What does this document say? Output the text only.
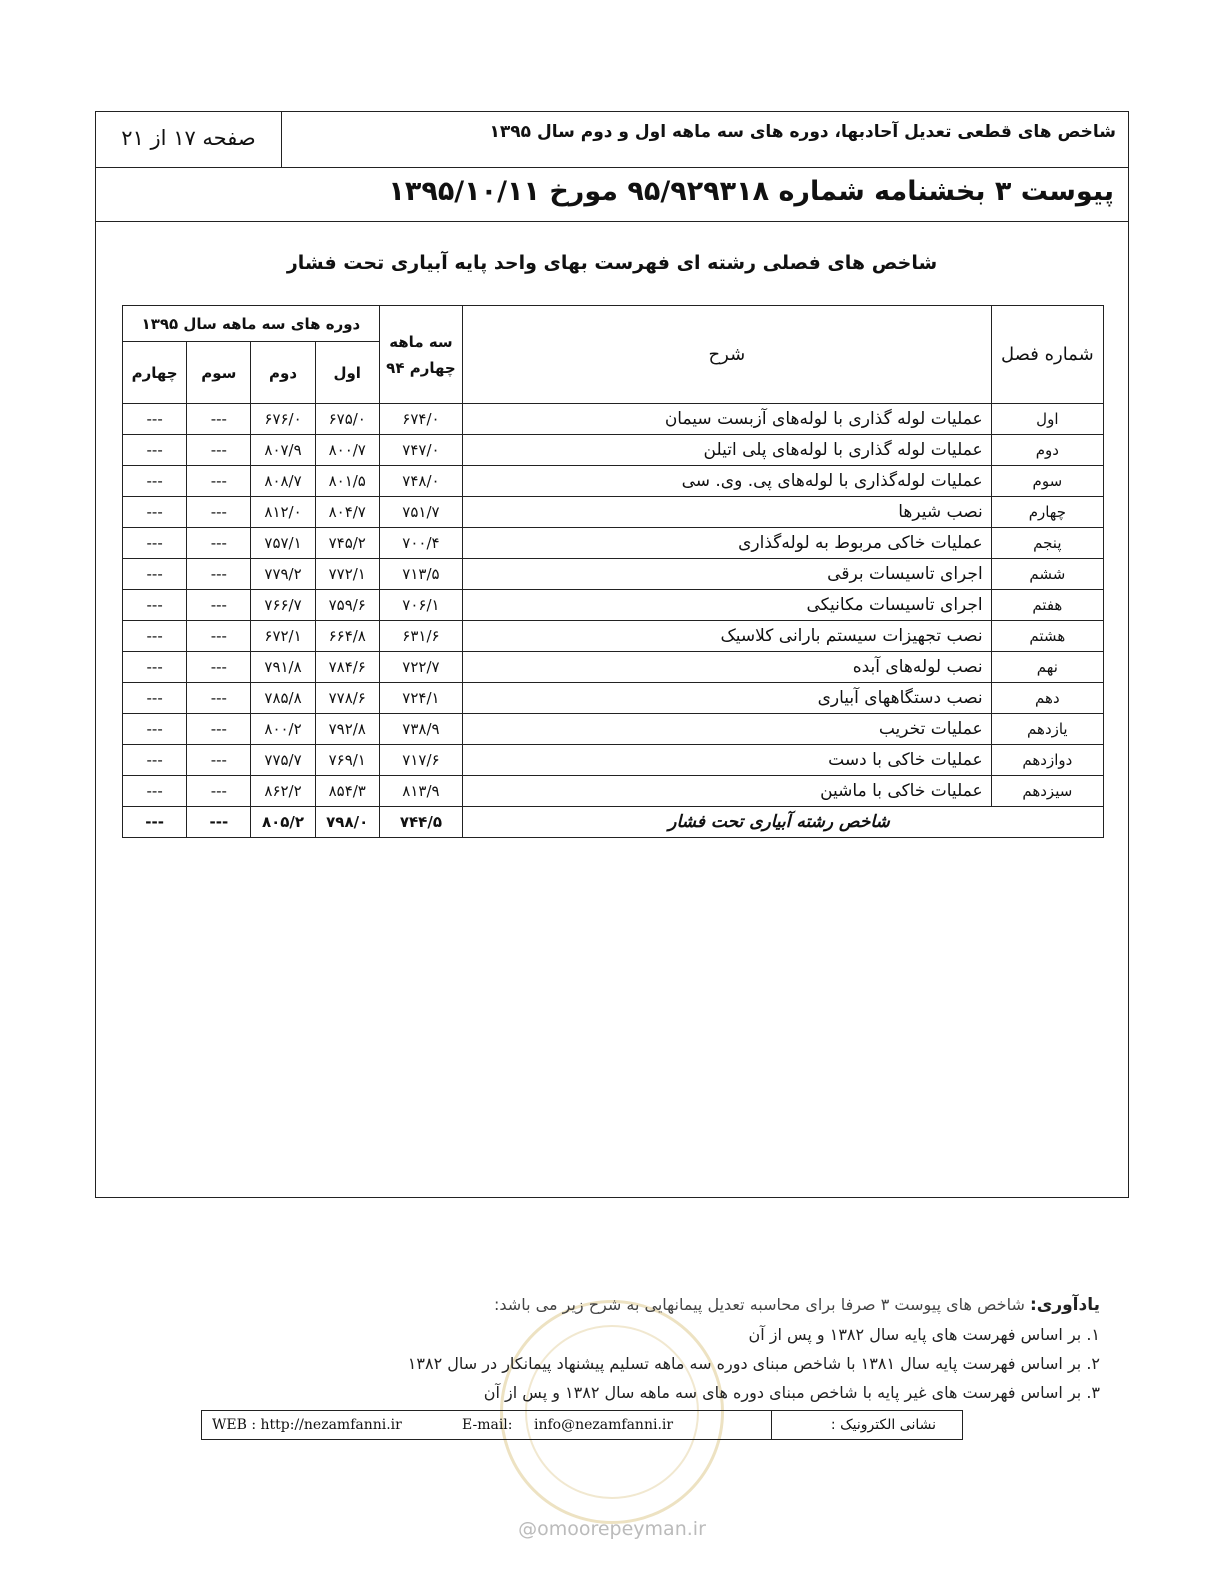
شاخص های قطعی تعدیل آحادبها، دوره های سه ماهه اول و دوم سال ۱۳۹۵
صفحه ۱۷ از ۲۱
پیوست ۳ بخشنامه شماره ۹۵/۹۲۹۳۱۸ مورخ ۱۳۹۵/۱۰/۱۱
شاخص های فصلی رشته ای فهرست بهای واحد پایه آبیاری تحت فشار
شماره فصل	شرح	سه ماهه چهارم ۹۴	دوره های سه ماهه سال ۱۳۹۵			
			اول	دوم	سوم	چهارم
اول	عملیات لوله گذاری با لوله‌های آزبست سیمان	۶۷۴/۰	۶۷۵/۰	۶۷۶/۰	---	---
دوم	عملیات لوله گذاری با لوله‌های پلی اتیلن	۷۴۷/۰	۸۰۰/۷	۸۰۷/۹	---	---
سوم	عملیات لوله‌گذاری با لوله‌های پی. وی. سی	۷۴۸/۰	۸۰۱/۵	۸۰۸/۷	---	---
چهارم	نصب شیرها	۷۵۱/۷	۸۰۴/۷	۸۱۲/۰	---	---
پنجم	عملیات خاکی مربوط به لوله‌گذاری	۷۰۰/۴	۷۴۵/۲	۷۵۷/۱	---	---
ششم	اجرای تاسیسات برقی	۷۱۳/۵	۷۷۲/۱	۷۷۹/۲	---	---
هفتم	اجرای تاسیسات مکانیکی	۷۰۶/۱	۷۵۹/۶	۷۶۶/۷	---	---
هشتم	نصب تجهیزات سیستم بارانی کلاسیک	۶۳۱/۶	۶۶۴/۸	۶۷۲/۱	---	---
نهم	نصب لوله‌های آبده	۷۲۲/۷	۷۸۴/۶	۷۹۱/۸	---	---
دهم	نصب دستگاههای آبیاری	۷۲۴/۱	۷۷۸/۶	۷۸۵/۸	---	---
یازدهم	عملیات تخریب	۷۳۸/۹	۷۹۲/۸	۸۰۰/۲	---	---
دوازدهم	عملیات خاکی با دست	۷۱۷/۶	۷۶۹/۱	۷۷۵/۷	---	---
سیزدهم	عملیات خاکی با ماشین	۸۱۳/۹	۸۵۴/۳	۸۶۲/۲	---	---
شاخص رشته آبیاری تحت فشار		۷۴۴/۵	۷۹۸/۰	۸۰۵/۲	---	---
یادآوری: شاخص های پیوست ۳ صرفا برای محاسبه تعدیل پیمانهایی به شرح زیر می باشد:
۱. بر اساس فهرست های پایه سال ۱۳۸۲ و پس از آن
۲. بر اساس فهرست پایه سال ۱۳۸۱ با شاخص مبنای دوره سه ماهه تسلیم پیشنهاد پیمانکار در سال ۱۳۸۲
۳. بر اساس فهرست های غیر پایه با شاخص مبنای دوره های سه ماهه سال ۱۳۸۲ و پس از آن
نشانی الکترونیک :
WEB : http://nezamfanni.ir	E-mail: info@nezamfanni.ir
@omoorepeyman.ir
